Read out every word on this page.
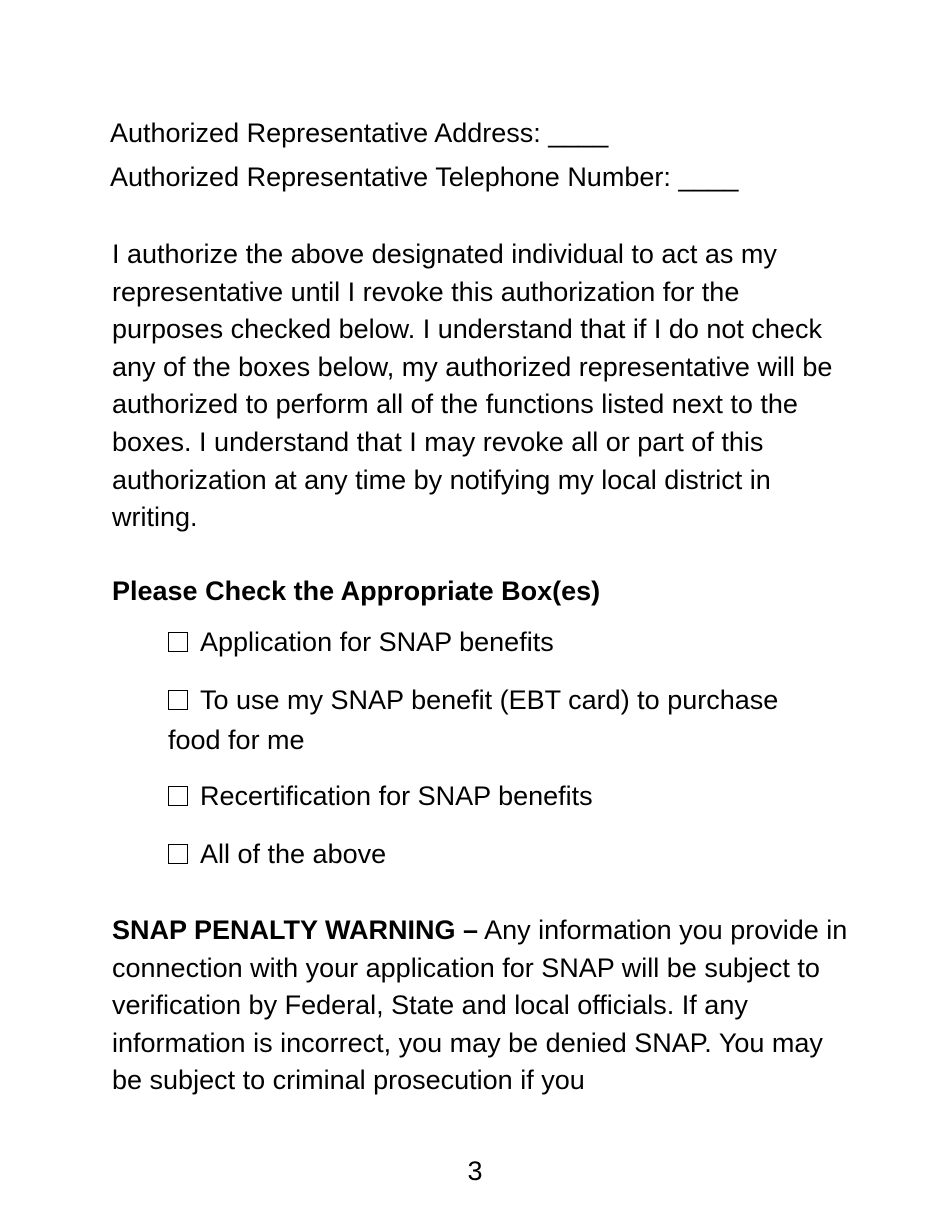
Authorized Representative Address: ____
Authorized Representative Telephone Number: ____
I authorize the above designated individual to act as my representative until I revoke this authorization for the purposes checked below. I understand that if I do not check any of the boxes below, my authorized representative will be authorized to perform all of the functions listed next to the boxes. I understand that I may revoke all or part of this authorization at any time by notifying my local district in writing.
Please Check the Appropriate Box(es)
Application for SNAP benefits
To use my SNAP benefit (EBT card) to purchase food for me
Recertification for SNAP benefits
All of the above
SNAP PENALTY WARNING – Any information you provide in connection with your application for SNAP will be subject to verification by Federal, State and local officials. If any information is incorrect, you may be denied SNAP. You may be subject to criminal prosecution if you
3
